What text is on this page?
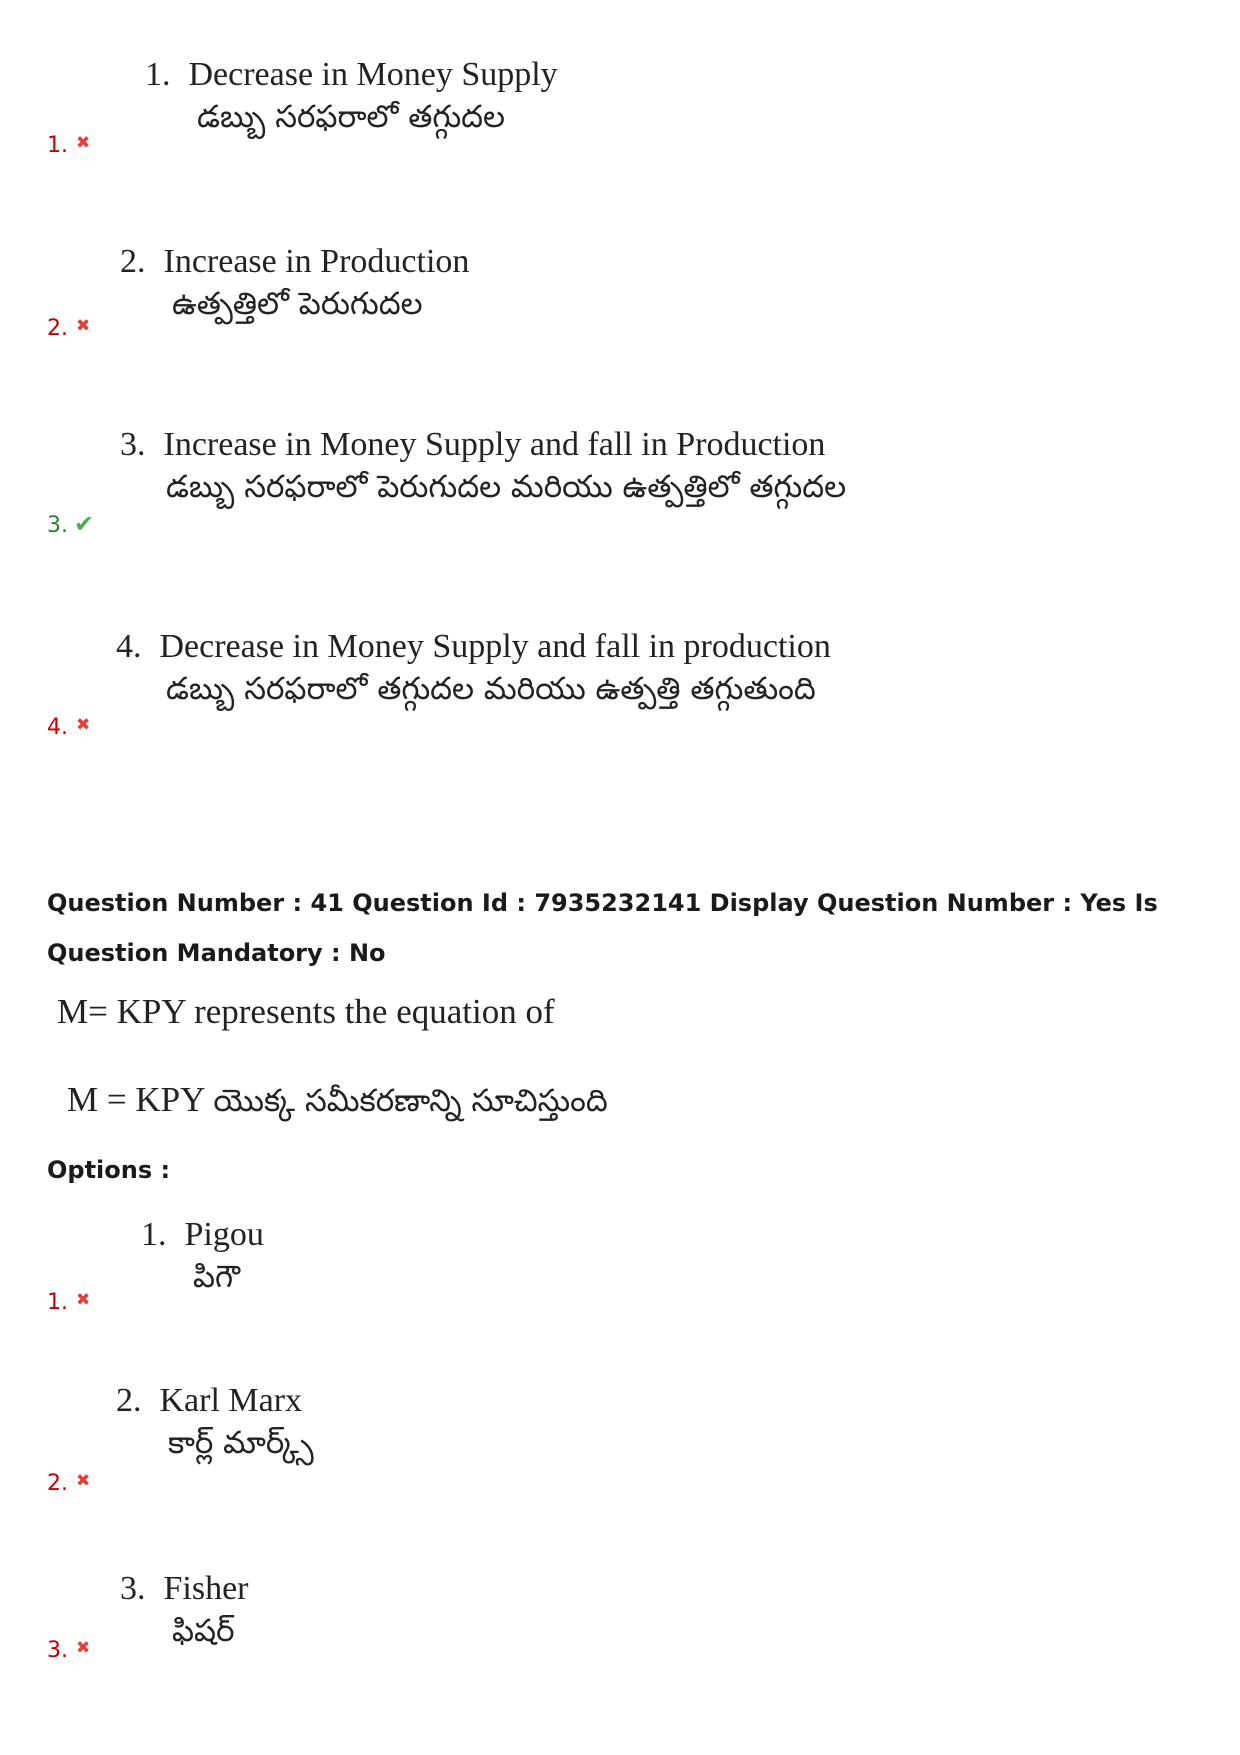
1. Decrease in Money Supply
డబ్బు సరఫరాలో తగ్గుదల
1. ✖
2. Increase in Production
ఉత్పత్తిలో పెరుగుదల
2. ✖
3. Increase in Money Supply and fall in Production
డబ్బు సరఫరాలో పెరుగుదల మరియు ఉత్పత్తిలో తగ్గుదల
3. ✔
4. Decrease in Money Supply and fall in production
డబ్బు సరఫరాలో తగ్గుదల మరియు ఉత్పత్తి తగ్గుతుంది
4. ✖
Question Number : 41 Question Id : 7935232141 Display Question Number : Yes Is Question Mandatory : No
M= KPY represents the equation of
M = KPY యొక్క సమీకరణాన్ని సూచిస్తుంది
Options :
1. Pigou
పిగౌ
1. ✖
2. Karl Marx
కార్ల్ మార్క్స్
2. ✖
3. Fisher
ఫిషర్
3. ✖
